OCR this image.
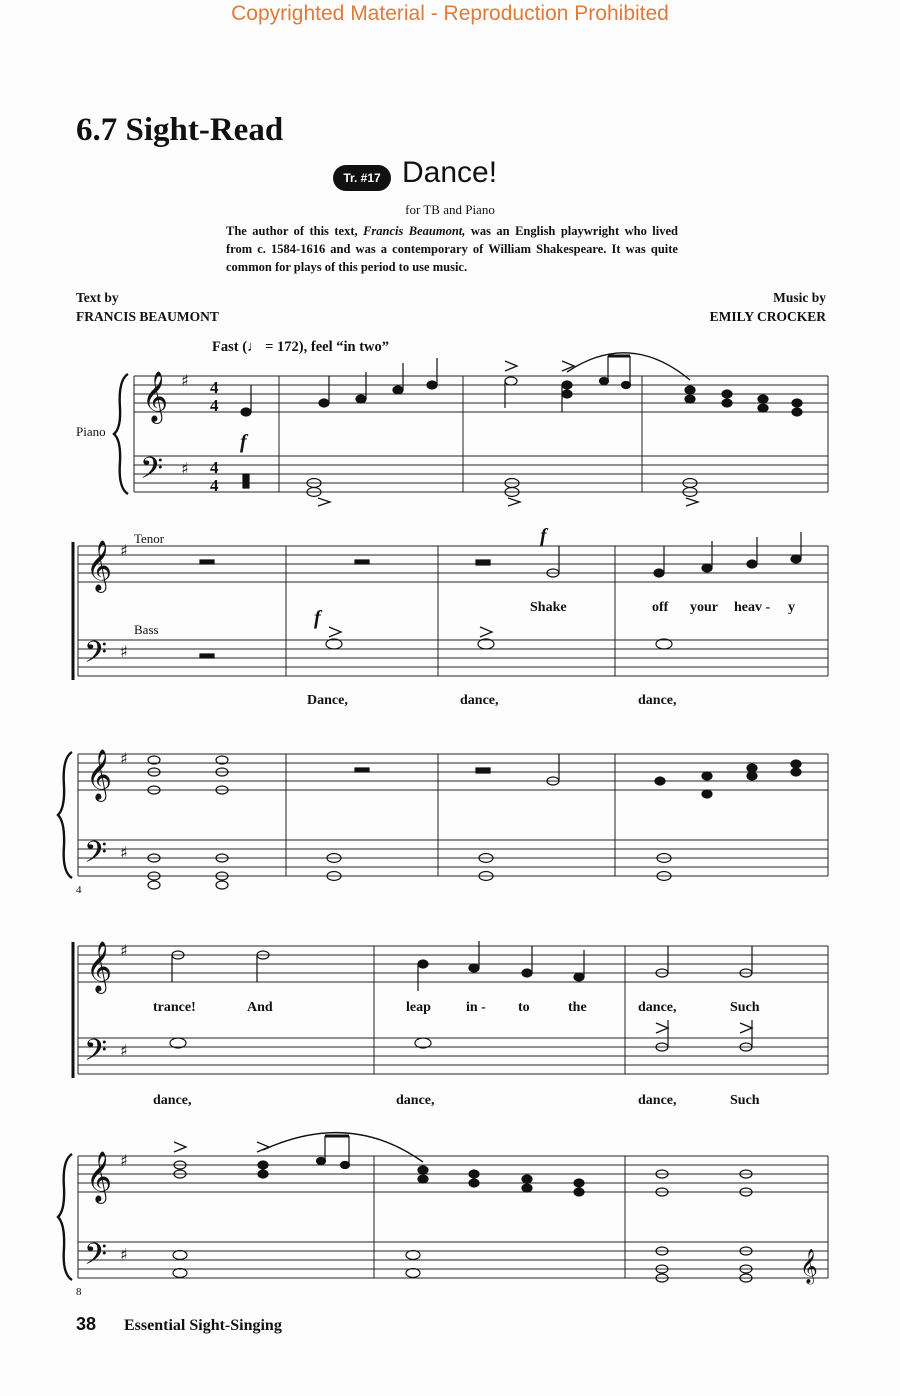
Copyrighted Material - Reproduction Prohibited
6.7 Sight-Read
Tr. #17 Dance!
for TB and Piano
The author of this text, Francis Beaumont, was an English playwright who lived from c. 1584-1616 and was a contemporary of William Shakespeare. It was quite common for plays of this period to use music.
Text by
FRANCIS BEAUMONT
Music by
EMILY CROCKER
Fast (♩ = 172), feel “in two”
𝄞
𝄢
𝄞
𝄢
𝄞
𝄢
𝄞
𝄢
𝄞
𝄢	𝄞
♯
♯
♯
♯
♯
♯
♯
♯
♯
♯
4
4
4
4
f
f
f
Piano
Tenor
Bass
4
8
Shake	off your heav - y
Dance,	dance,	dance,
trance!	And	leap	in - to	the	dance,	Such
dance,	dance,	dance,	Such
38 Essential Sight-Singing
